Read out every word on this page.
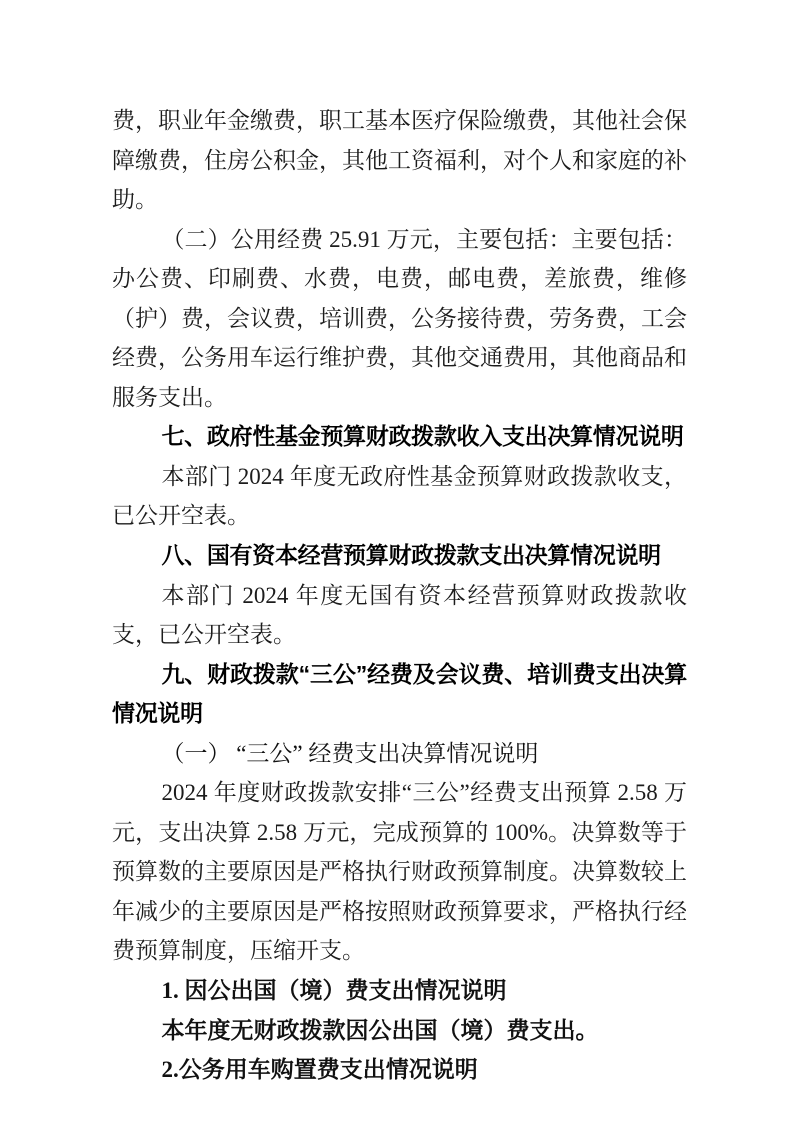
费，职业年金缴费，职工基本医疗保险缴费，其他社会保障缴费，住房公积金，其他工资福利，对个人和家庭的补助。

（二）公用经费 25.91 万元，主要包括：主要包括：办公费、印刷费、水费，电费，邮电费，差旅费，维修（护）费，会议费，培训费，公务接待费，劳务费，工会经费，公务用车运行维护费，其他交通费用，其他商品和服务支出。

七、政府性基金预算财政拨款收入支出决算情况说明

本部门 2024 年度无政府性基金预算财政拨款收支，已公开空表。

八、国有资本经营预算财政拨款支出决算情况说明

本部门 2024 年度无国有资本经营预算财政拨款收支，已公开空表。

九、财政拨款“三公”经费及会议费、培训费支出决算情况说明

（一） “三公” 经费支出决算情况说明

2024 年度财政拨款安排“三公”经费支出预算 2.58 万元，支出决算 2.58 万元，完成预算的 100%。决算数等于预算数的主要原因是严格执行财政预算制度。决算数较上年减少的主要原因是严格按照财政预算要求，严格执行经费预算制度，压缩开支。

1. 因公出国（境）费支出情况说明

本年度无财政拨款因公出国（境）费支出。

2.公务用车购置费支出情况说明
